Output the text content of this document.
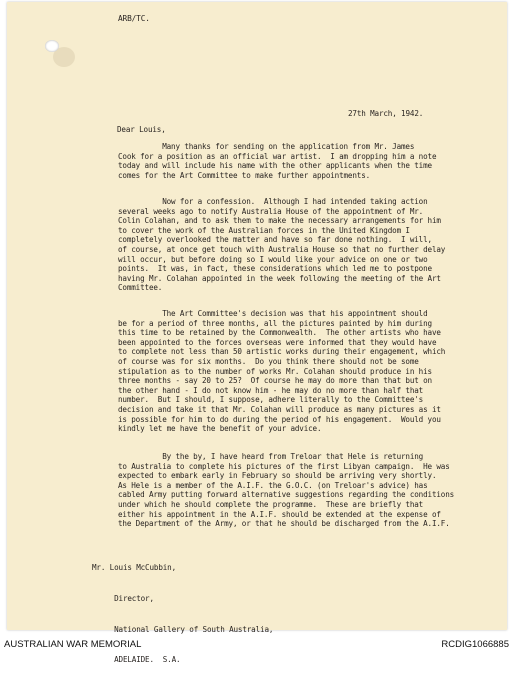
ARB/TC.
27th March, 1942.
Dear Louis,
Many thanks for sending on the application from Mr. James
Cook for a position as an official war artist.  I am dropping him a note
today and will include his name with the other applicants when the time
comes for the Art Committee to make further appointments.
Now for a confession.  Although I had intended taking action
several weeks ago to notify Australia House of the appointment of Mr.
Colin Colahan, and to ask them to make the necessary arrangements for him
to cover the work of the Australian forces in the United Kingdom I
completely overlooked the matter and have so far done nothing.  I will,
of course, at once get touch with Australia House so that no further delay
will occur, but before doing so I would like your advice on one or two
points.  It was, in fact, these considerations which led me to postpone
having Mr. Colahan appointed in the week following the meeting of the Art
Committee.
The Art Committee's decision was that his appointment should
be for a period of three months, all the pictures painted by him during
this time to be retained by the Commonwealth.  The other artists who have
been appointed to the forces overseas were informed that they would have
to complete not less than 50 artistic works during their engagement, which
of course was for six months.  Do you think there should not be some
stipulation as to the number of works Mr. Colahan should produce in his
three months - say 20 to 25?  Of course he may do more than that but on
the other hand - I do not know him - he may do no more than half that
number.  But I should, I suppose, adhere literally to the Committee's
decision and take it that Mr. Colahan will produce as many pictures as it
is possible for him to do during the period of his engagement.  Would you
kindly let me have the benefit of your advice.
By the by, I have heard from Treloar that Hele is returning
to Australia to complete his pictures of the first Libyan campaign.  He was
expected to embark early in February so should be arriving very shortly.
As Hele is a member of the A.I.F. the G.O.C. (on Treloar's advice) has
cabled Army putting forward alternative suggestions regarding the conditions
under which he should complete the programme.  These are briefly that
either his appointment in the A.I.F. should be extended at the expense of
the Department of the Army, or that he should be discharged from the A.I.F.

Mr. Louis McCubbin,

Director,

National Gallery of South Australia,

ADELAIDE.  S.A.

AUSTRALIAN WAR MEMORIAL	RCDIG1066885
